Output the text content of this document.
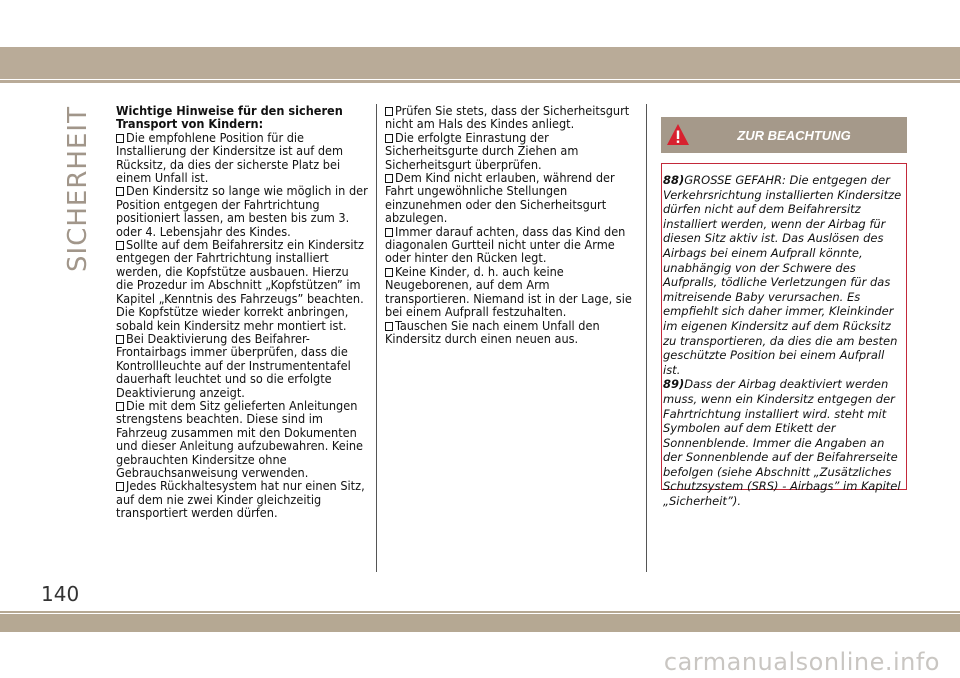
SICHERHEIT Wichtige Hinweise für den sicheren Transport von Kindern:
Die empfohlene Position für die Installierung der Kindersitze ist auf dem Rücksitz, da dies der sicherste Platz bei einem Unfall ist.
Den Kindersitz so lange wie möglich in der Position entgegen der Fahrtrichtung positioniert lassen, am besten bis zum 3. oder 4. Lebensjahr des Kindes.
Sollte auf dem Beifahrersitz ein Kindersitz entgegen der Fahrtrichtung installiert werden, die Kopfstütze ausbauen. Hierzu die Prozedur im Abschnitt „Kopfstützen” im Kapitel „Kenntnis des Fahrzeugs” beachten. Die Kopfstütze wieder korrekt anbringen, sobald kein Kindersitz mehr montiert ist.
Bei Deaktivierung des Beifahrer-Frontairbags immer überprüfen, dass die Kontrollleuchte auf der Instrumententafel dauerhaft leuchtet und so die erfolgte Deaktivierung anzeigt.
Die mit dem Sitz gelieferten Anleitungen strengstens beachten. Diese sind im Fahrzeug zusammen mit den Dokumenten und dieser Anleitung aufzubewahren. Keine gebrauchten Kindersitze ohne Gebrauchsanweisung verwenden.
Jedes Rückhaltesystem hat nur einen Sitz, auf dem nie zwei Kinder gleichzeitig transportiert werden dürfen.
Prüfen Sie stets, dass der Sicherheitsgurt nicht am Hals des Kindes anliegt.
Die erfolgte Einrastung der Sicherheitsgurte durch Ziehen am Sicherheitsgurt überprüfen.
Dem Kind nicht erlauben, während der Fahrt ungewöhnliche Stellungen einzunehmen oder den Sicherheitsgurt abzulegen.
Immer darauf achten, dass das Kind den diagonalen Gurtteil nicht unter die Arme oder hinter den Rücken legt.
Keine Kinder, d. h. auch keine Neugeborenen, auf dem Arm transportieren. Niemand ist in der Lage, sie bei einem Aufprall festzuhalten.
Tauschen Sie nach einem Unfall den Kindersitz durch einen neuen aus.
ZUR BEACHTUNG
88)GROSSE GEFAHR: Die entgegen der Verkehrsrichtung installierten Kindersitze dürfen nicht auf dem Beifahrersitz installiert werden, wenn der Airbag für diesen Sitz aktiv ist. Das Auslösen des Airbags bei einem Aufprall könnte, unabhängig von der Schwere des Aufpralls, tödliche Verletzungen für das mitreisende Baby verursachen. Es empfiehlt sich daher immer, Kleinkinder im eigenen Kindersitz auf dem Rücksitz zu transportieren, da dies die am besten geschützte Position bei einem Aufprall ist.
89)Dass der Airbag deaktiviert werden muss, wenn ein Kindersitz entgegen der Fahrtrichtung installiert wird. steht mit Symbolen auf dem Etikett der Sonnenblende. Immer die Angaben an der Sonnenblende auf der Beifahrerseite befolgen (siehe Abschnitt „Zusätzliches Schutzsystem (SRS) - Airbags” im Kapitel „Sicherheit”).
140
carmanualsonline.info
